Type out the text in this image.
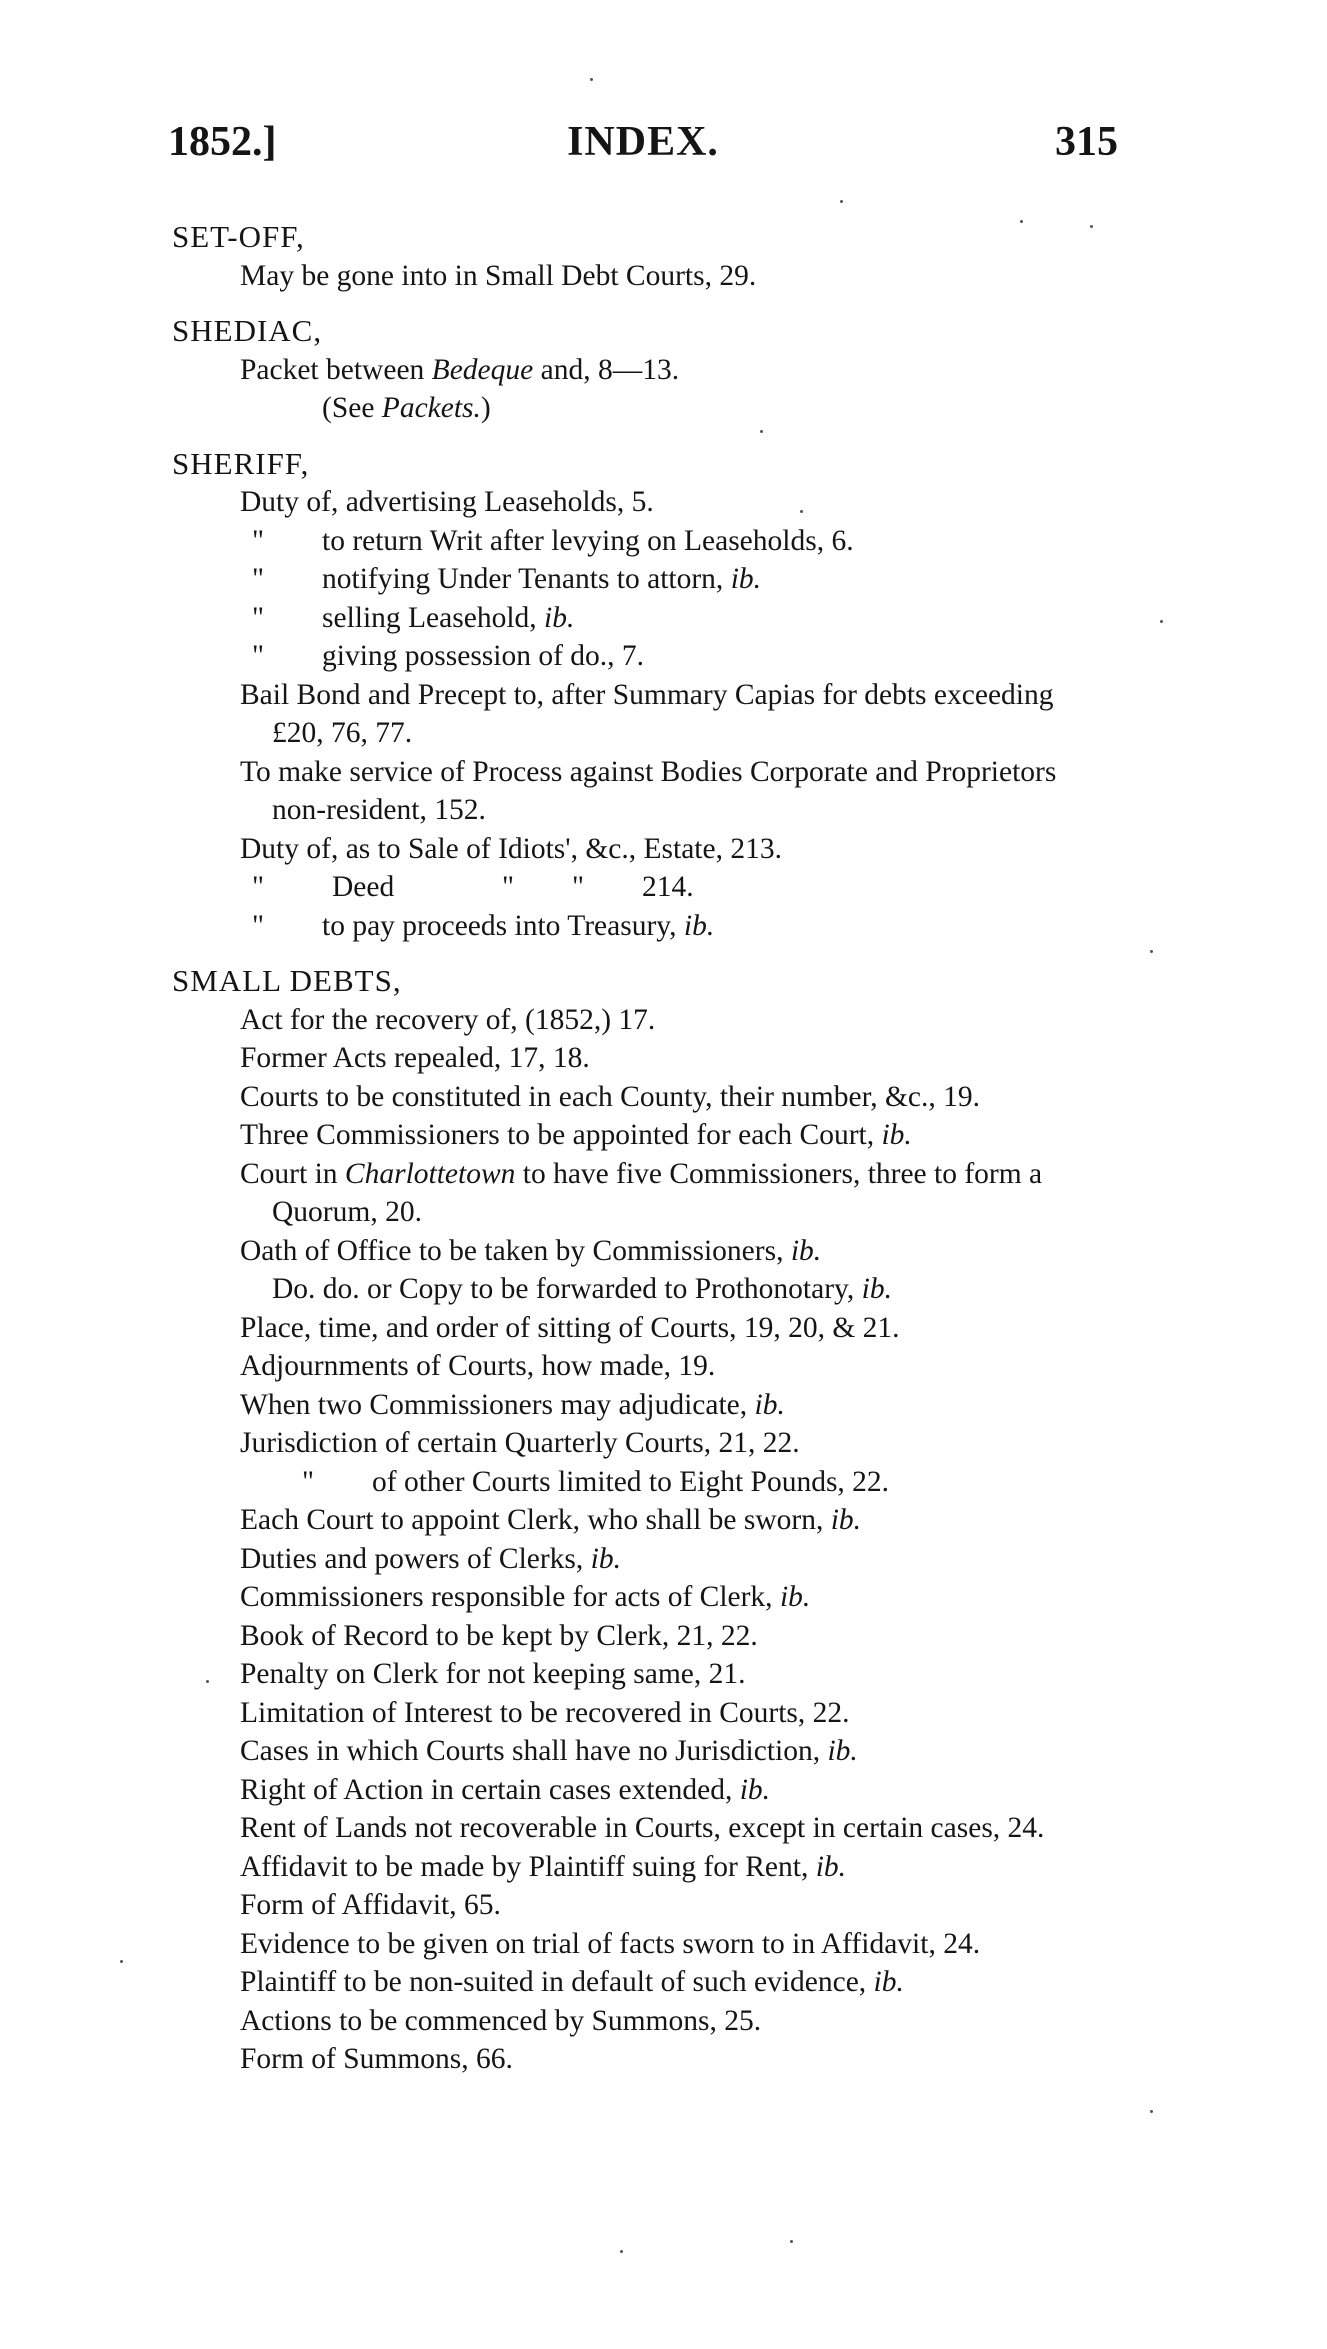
1852.]	INDEX.	315
SET-OFF,
May be gone into in Small Debt Courts, 29.
SHEDIAC,
Packet between Bedeque and, 8—13.
(See Packets.)
SHERIFF,
Duty of, advertising Leaseholds, 5.
" to return Writ after levying on Leaseholds, 6.
" notifying Under Tenants to attorn, ib.
" selling Leasehold, ib.
" giving possession of do., 7.
Bail Bond and Precept to, after Summary Capias for debts exceeding
£20, 76, 77.
To make service of Process against Bodies Corporate and Proprietors
non-resident, 152.
Duty of, as to Sale of Idiots', &c., Estate, 213.
" Deed	" " 214.
" to pay proceeds into Treasury, ib.
SMALL DEBTS,
Act for the recovery of, (1852,) 17.
Former Acts repealed, 17, 18.
Courts to be constituted in each County, their number, &c., 19.
Three Commissioners to be appointed for each Court, ib.
Court in Charlottetown to have five Commissioners, three to form a
Quorum, 20.
Oath of Office to be taken by Commissioners, ib.
Do. do. or Copy to be forwarded to Prothonotary, ib.
Place, time, and order of sitting of Courts, 19, 20, & 21.
Adjournments of Courts, how made, 19.
When two Commissioners may adjudicate, ib.
Jurisdiction of certain Quarterly Courts, 21, 22.
" of other Courts limited to Eight Pounds, 22.
Each Court to appoint Clerk, who shall be sworn, ib.
Duties and powers of Clerks, ib.
Commissioners responsible for acts of Clerk, ib.
Book of Record to be kept by Clerk, 21, 22.
Penalty on Clerk for not keeping same, 21.
Limitation of Interest to be recovered in Courts, 22.
Cases in which Courts shall have no Jurisdiction, ib.
Right of Action in certain cases extended, ib.
Rent of Lands not recoverable in Courts, except in certain cases, 24.
Affidavit to be made by Plaintiff suing for Rent, ib.
Form of Affidavit, 65.
Evidence to be given on trial of facts sworn to in Affidavit, 24.
Plaintiff to be non-suited in default of such evidence, ib.
Actions to be commenced by Summons, 25.
Form of Summons, 66.
